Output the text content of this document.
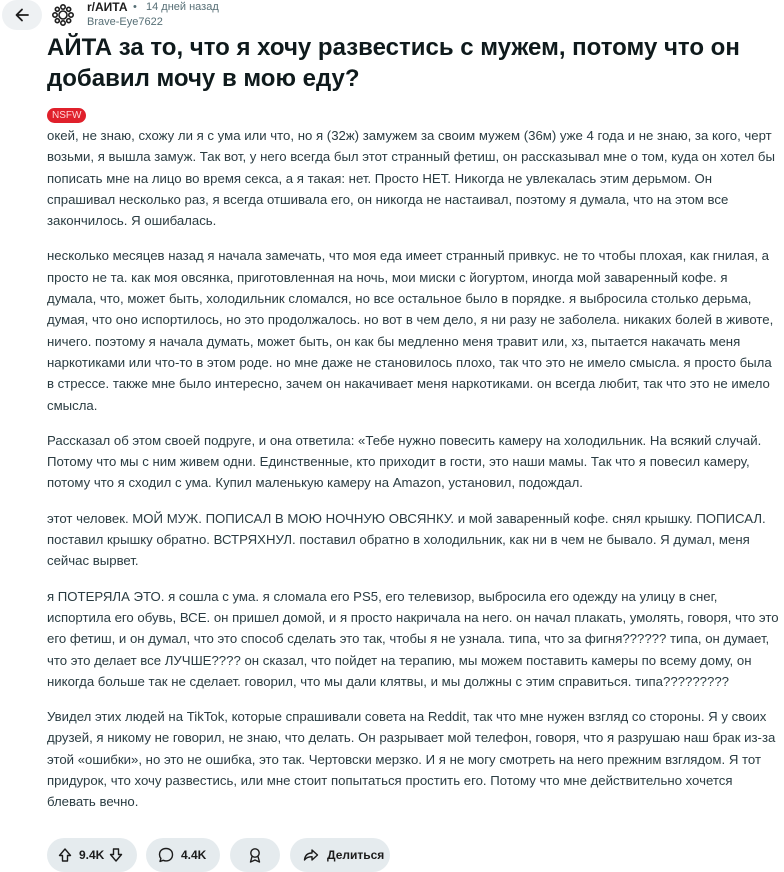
r/АИТА • 14 дней назад
Brave-Eye7622
АЙТА за то, что я хочу развестись с мужем, потому что он добавил мочу в мою еду?
NSFW

окей, не знаю, схожу ли я с ума или что, но я (32ж) замужем за своим мужем (36м) уже 4 года и не знаю, за кого, черт возьми, я вышла замуж. Так вот, у него всегда был этот странный фетиш, он рассказывал мне о том, куда он хотел бы пописать мне на лицо во время секса, а я такая: нет. Просто НЕТ. Никогда не увлекалась этим дерьмом. Он спрашивал несколько раз, я всегда отшивала его, он никогда не настаивал, поэтому я думала, что на этом все закончилось. Я ошибалась.

несколько месяцев назад я начала замечать, что моя еда имеет странный привкус. не то чтобы плохая, как гнилая, а просто не та. как моя овсянка, приготовленная на ночь, мои миски с йогуртом, иногда мой заваренный кофе. я думала, что, может быть, холодильник сломался, но все остальное было в порядке. я выбросила столько дерьма, думая, что оно испортилось, но это продолжалось. но вот в чем дело, я ни разу не заболела. никаких болей в животе, ничего. поэтому я начала думать, может быть, он как бы медленно меня травит или, хз, пытается накачать меня наркотиками или что-то в этом роде. но мне даже не становилось плохо, так что это не имело смысла. я просто была в стрессе. также мне было интересно, зачем он накачивает меня наркотиками. он всегда любит, так что это не имело смысла.

Рассказал об этом своей подруге, и она ответила: «Тебе нужно повесить камеру на холодильник. На всякий случай. Потому что мы с ним живем одни. Единственные, кто приходит в гости, это наши мамы. Так что я повесил камеру, потому что я сходил с ума. Купил маленькую камеру на Amazon, установил, подождал.

этот человек. МОЙ МУЖ. ПОПИСАЛ В МОЮ НОЧНУЮ ОВСЯНКУ. и мой заваренный кофе. снял крышку. ПОПИСАЛ. поставил крышку обратно. ВСТРЯХНУЛ. поставил обратно в холодильник, как ни в чем не бывало. Я думал, меня сейчас вырвет.

я ПОТЕРЯЛА ЭТО. я сошла с ума. я сломала его PS5, его телевизор, выбросила его одежду на улицу в снег, испортила его обувь, ВСЕ. он пришел домой, и я просто накричала на него. он начал плакать, умолять, говоря, что это его фетиш, и он думал, что это способ сделать это так, чтобы я не узнала. типа, что за фигня?????? типа, он думает, что это делает все ЛУЧШЕ???? он сказал, что пойдет на терапию, мы можем поставить камеры по всему дому, он никогда больше так не сделает. говорил, что мы дали клятвы, и мы должны с этим справиться. типа?????????

Увидел этих людей на TikTok, которые спрашивали совета на Reddit, так что мне нужен взгляд со стороны. Я у своих друзей, я никому не говорил, не знаю, что делать. Он разрывает мой телефон, говоря, что я разрушаю наш брак из-за этой «ошибки», но это не ошибка, это так. Чертовски мерзко. И я не могу смотреть на него прежним взглядом. Я тот придурок, что хочу развестись, или мне стоит попытаться простить его. Потому что мне действительно хочется блевать вечно.

9.4K	4.4K	Делиться
